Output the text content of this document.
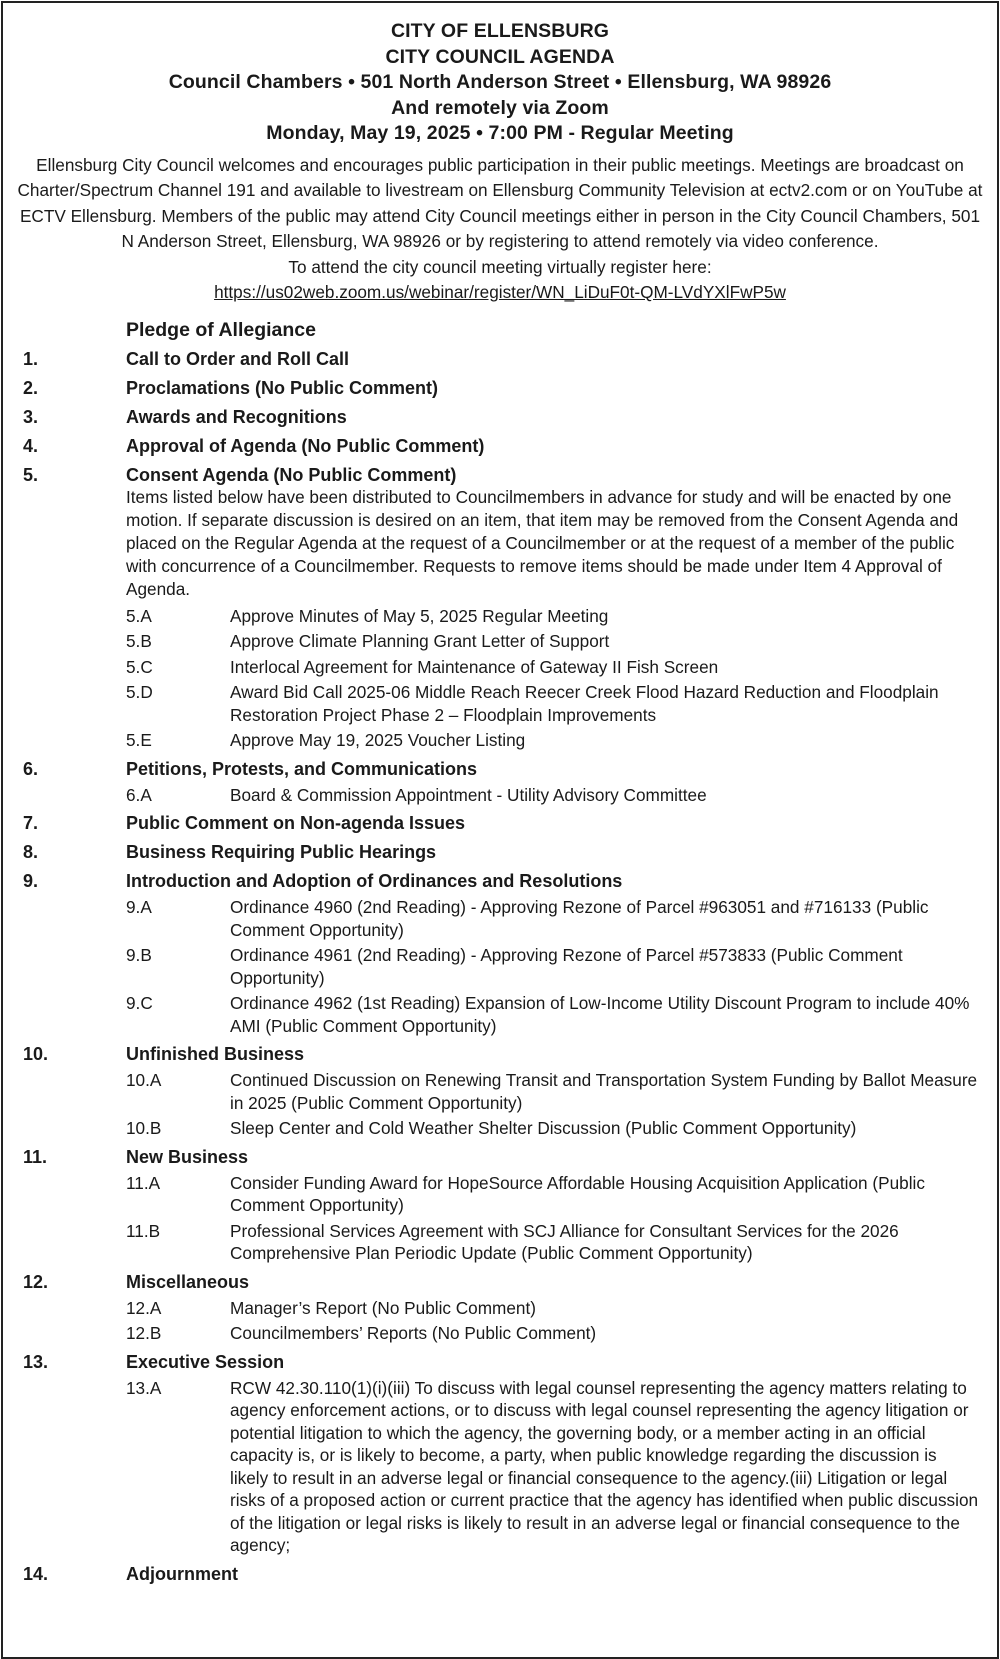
CITY OF ELLENSBURG
CITY COUNCIL AGENDA
Council Chambers • 501 North Anderson Street • Ellensburg, WA 98926
And remotely via Zoom
Monday, May 19, 2025 • 7:00 PM - Regular Meeting
Ellensburg City Council welcomes and encourages public participation in their public meetings. Meetings are broadcast on Charter/Spectrum Channel 191 and available to livestream on Ellensburg Community Television at ectv2.com or on YouTube at ECTV Ellensburg. Members of the public may attend City Council meetings either in person in the City Council Chambers, 501 N Anderson Street, Ellensburg, WA 98926 or by registering to attend remotely via video conference.
To attend the city council meeting virtually register here:
https://us02web.zoom.us/webinar/register/WN_LiDuF0t-QM-LVdYXlFwP5w
Pledge of Allegiance
1.	Call to Order and Roll Call
2.	Proclamations (No Public Comment)
3.	Awards and Recognitions
4.	Approval of Agenda (No Public Comment)
5.	Consent Agenda (No Public Comment)
Items listed below have been distributed to Councilmembers in advance for study and will be enacted by one motion. If separate discussion is desired on an item, that item may be removed from the Consent Agenda and placed on the Regular Agenda at the request of a Councilmember or at the request of a member of the public with concurrence of a Councilmember. Requests to remove items should be made under Item 4 Approval of Agenda.
5.A	Approve Minutes of May 5, 2025 Regular Meeting
5.B	Approve Climate Planning Grant Letter of Support
5.C	Interlocal Agreement for Maintenance of Gateway II Fish Screen
5.D	Award Bid Call 2025-06 Middle Reach Reecer Creek Flood Hazard Reduction and Floodplain Restoration Project Phase 2 – Floodplain Improvements
5.E	Approve May 19, 2025 Voucher Listing
6.	Petitions, Protests, and Communications
6.A	Board & Commission Appointment - Utility Advisory Committee
7.	Public Comment on Non-agenda Issues
8.	Business Requiring Public Hearings
9.	Introduction and Adoption of Ordinances and Resolutions
9.A	Ordinance 4960 (2nd Reading) - Approving Rezone of Parcel #963051 and #716133 (Public Comment Opportunity)
9.B	Ordinance 4961 (2nd Reading) - Approving Rezone of Parcel #573833 (Public Comment Opportunity)
9.C	Ordinance 4962 (1st Reading) Expansion of Low-Income Utility Discount Program to include 40% AMI (Public Comment Opportunity)
10.	Unfinished Business
10.A	Continued Discussion on Renewing Transit and Transportation System Funding by Ballot Measure in 2025 (Public Comment Opportunity)
10.B	Sleep Center and Cold Weather Shelter Discussion (Public Comment Opportunity)
11.	New Business
11.A	Consider Funding Award for HopeSource Affordable Housing Acquisition Application (Public Comment Opportunity)
11.B	Professional Services Agreement with SCJ Alliance for Consultant Services for the 2026 Comprehensive Plan Periodic Update (Public Comment Opportunity)
12.	Miscellaneous
12.A	Manager’s Report (No Public Comment)
12.B	Councilmembers’ Reports (No Public Comment)
13.	Executive Session
13.A	RCW 42.30.110(1)(i)(iii) To discuss with legal counsel representing the agency matters relating to agency enforcement actions, or to discuss with legal counsel representing the agency litigation or potential litigation to which the agency, the governing body, or a member acting in an official capacity is, or is likely to become, a party, when public knowledge regarding the discussion is likely to result in an adverse legal or financial consequence to the agency.(iii) Litigation or legal risks of a proposed action or current practice that the agency has identified when public discussion of the litigation or legal risks is likely to result in an adverse legal or financial consequence to the agency;
14.	Adjournment
